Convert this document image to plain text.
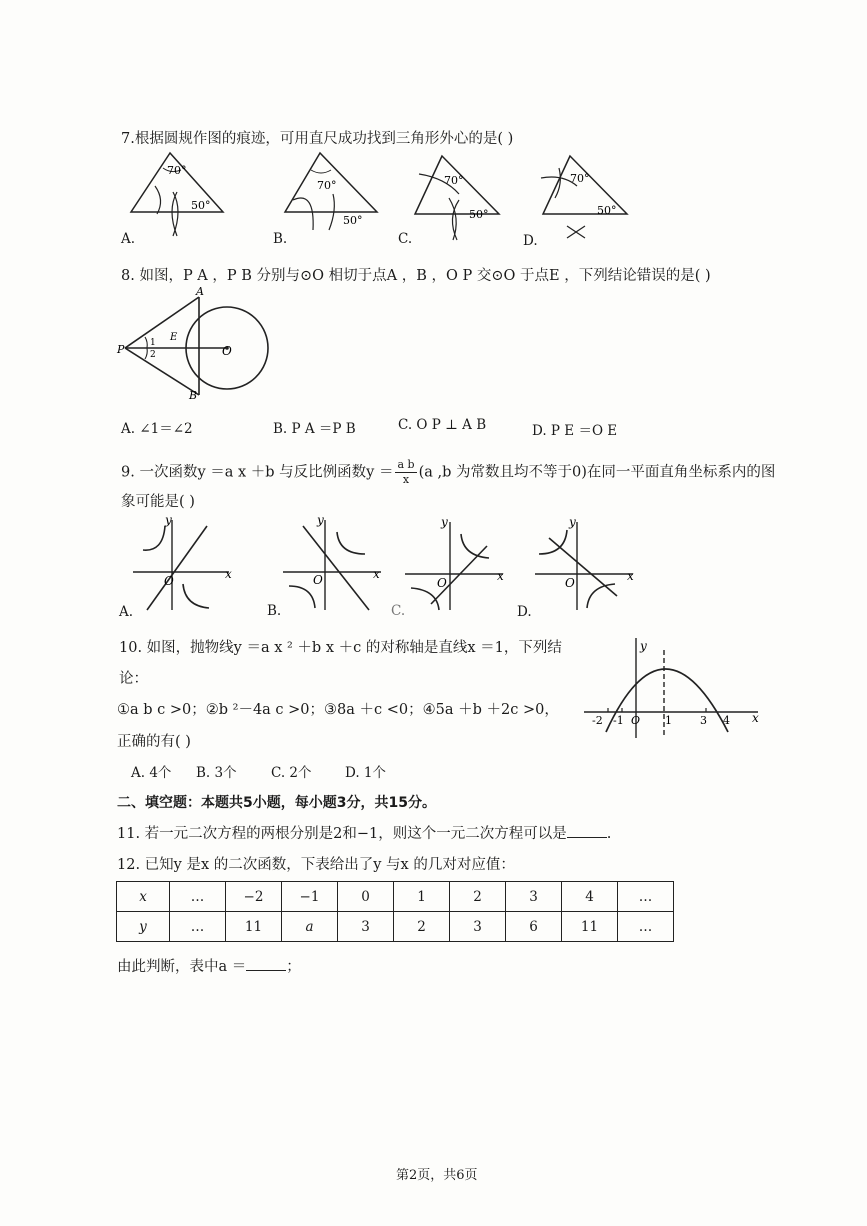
7.根据圆规作图的痕迹，可用直尺成功找到三角形外心的是( )
70°
50°
70°
50°
70°
50°
70°
50°
A.	B.	C.	D.
8. 如图，P A ，P B 分别与⊙O 相切于点A ，B ，O P 交⊙O 于点E ，下列结论错误的是( )
A
B
P	O
E
1
2
A. ∠1＝∠2	B. P A ＝P B	C. O P ⊥ A B	D. P E ＝O E
9. 一次函数y ＝a x ＋b 与反比例函数$y = \frac{\text{a b}}{x} (a$ ,b 为常数且均不等于0)在同一平面直角坐标系内的图
象可能是( )
y
x
O
y
x
O
y
x
O
y
x
O
A.	B.	C.	D.
10. 如图，抛物线y ＝a x ² ＋b x ＋c 的对称轴是直线x ＝1，下列结
论：
①a b c >0；②b ²－4a c >0；③8a ＋c <0；④5a ＋b ＋2c >0，
正确的有( )
A. 4个 B. 3个	C. 2个 D. 1个
y
x
-2 -1 O 1	3 4
二、填空题：本题共5小题，每小题3分，共15分。
11. 若一元二次方程的两根分别是2和−1，则这个一元二次方程可以是	.
12. 已知y 是x 的二次函数，下表给出了y 与x 的几对对应值：
x	…	−2	−1	0	1	2	3	4	…
y	…	11	a	3	2	3	6	11	…
由此判断，表中a ＝	；
第2页，共6页
